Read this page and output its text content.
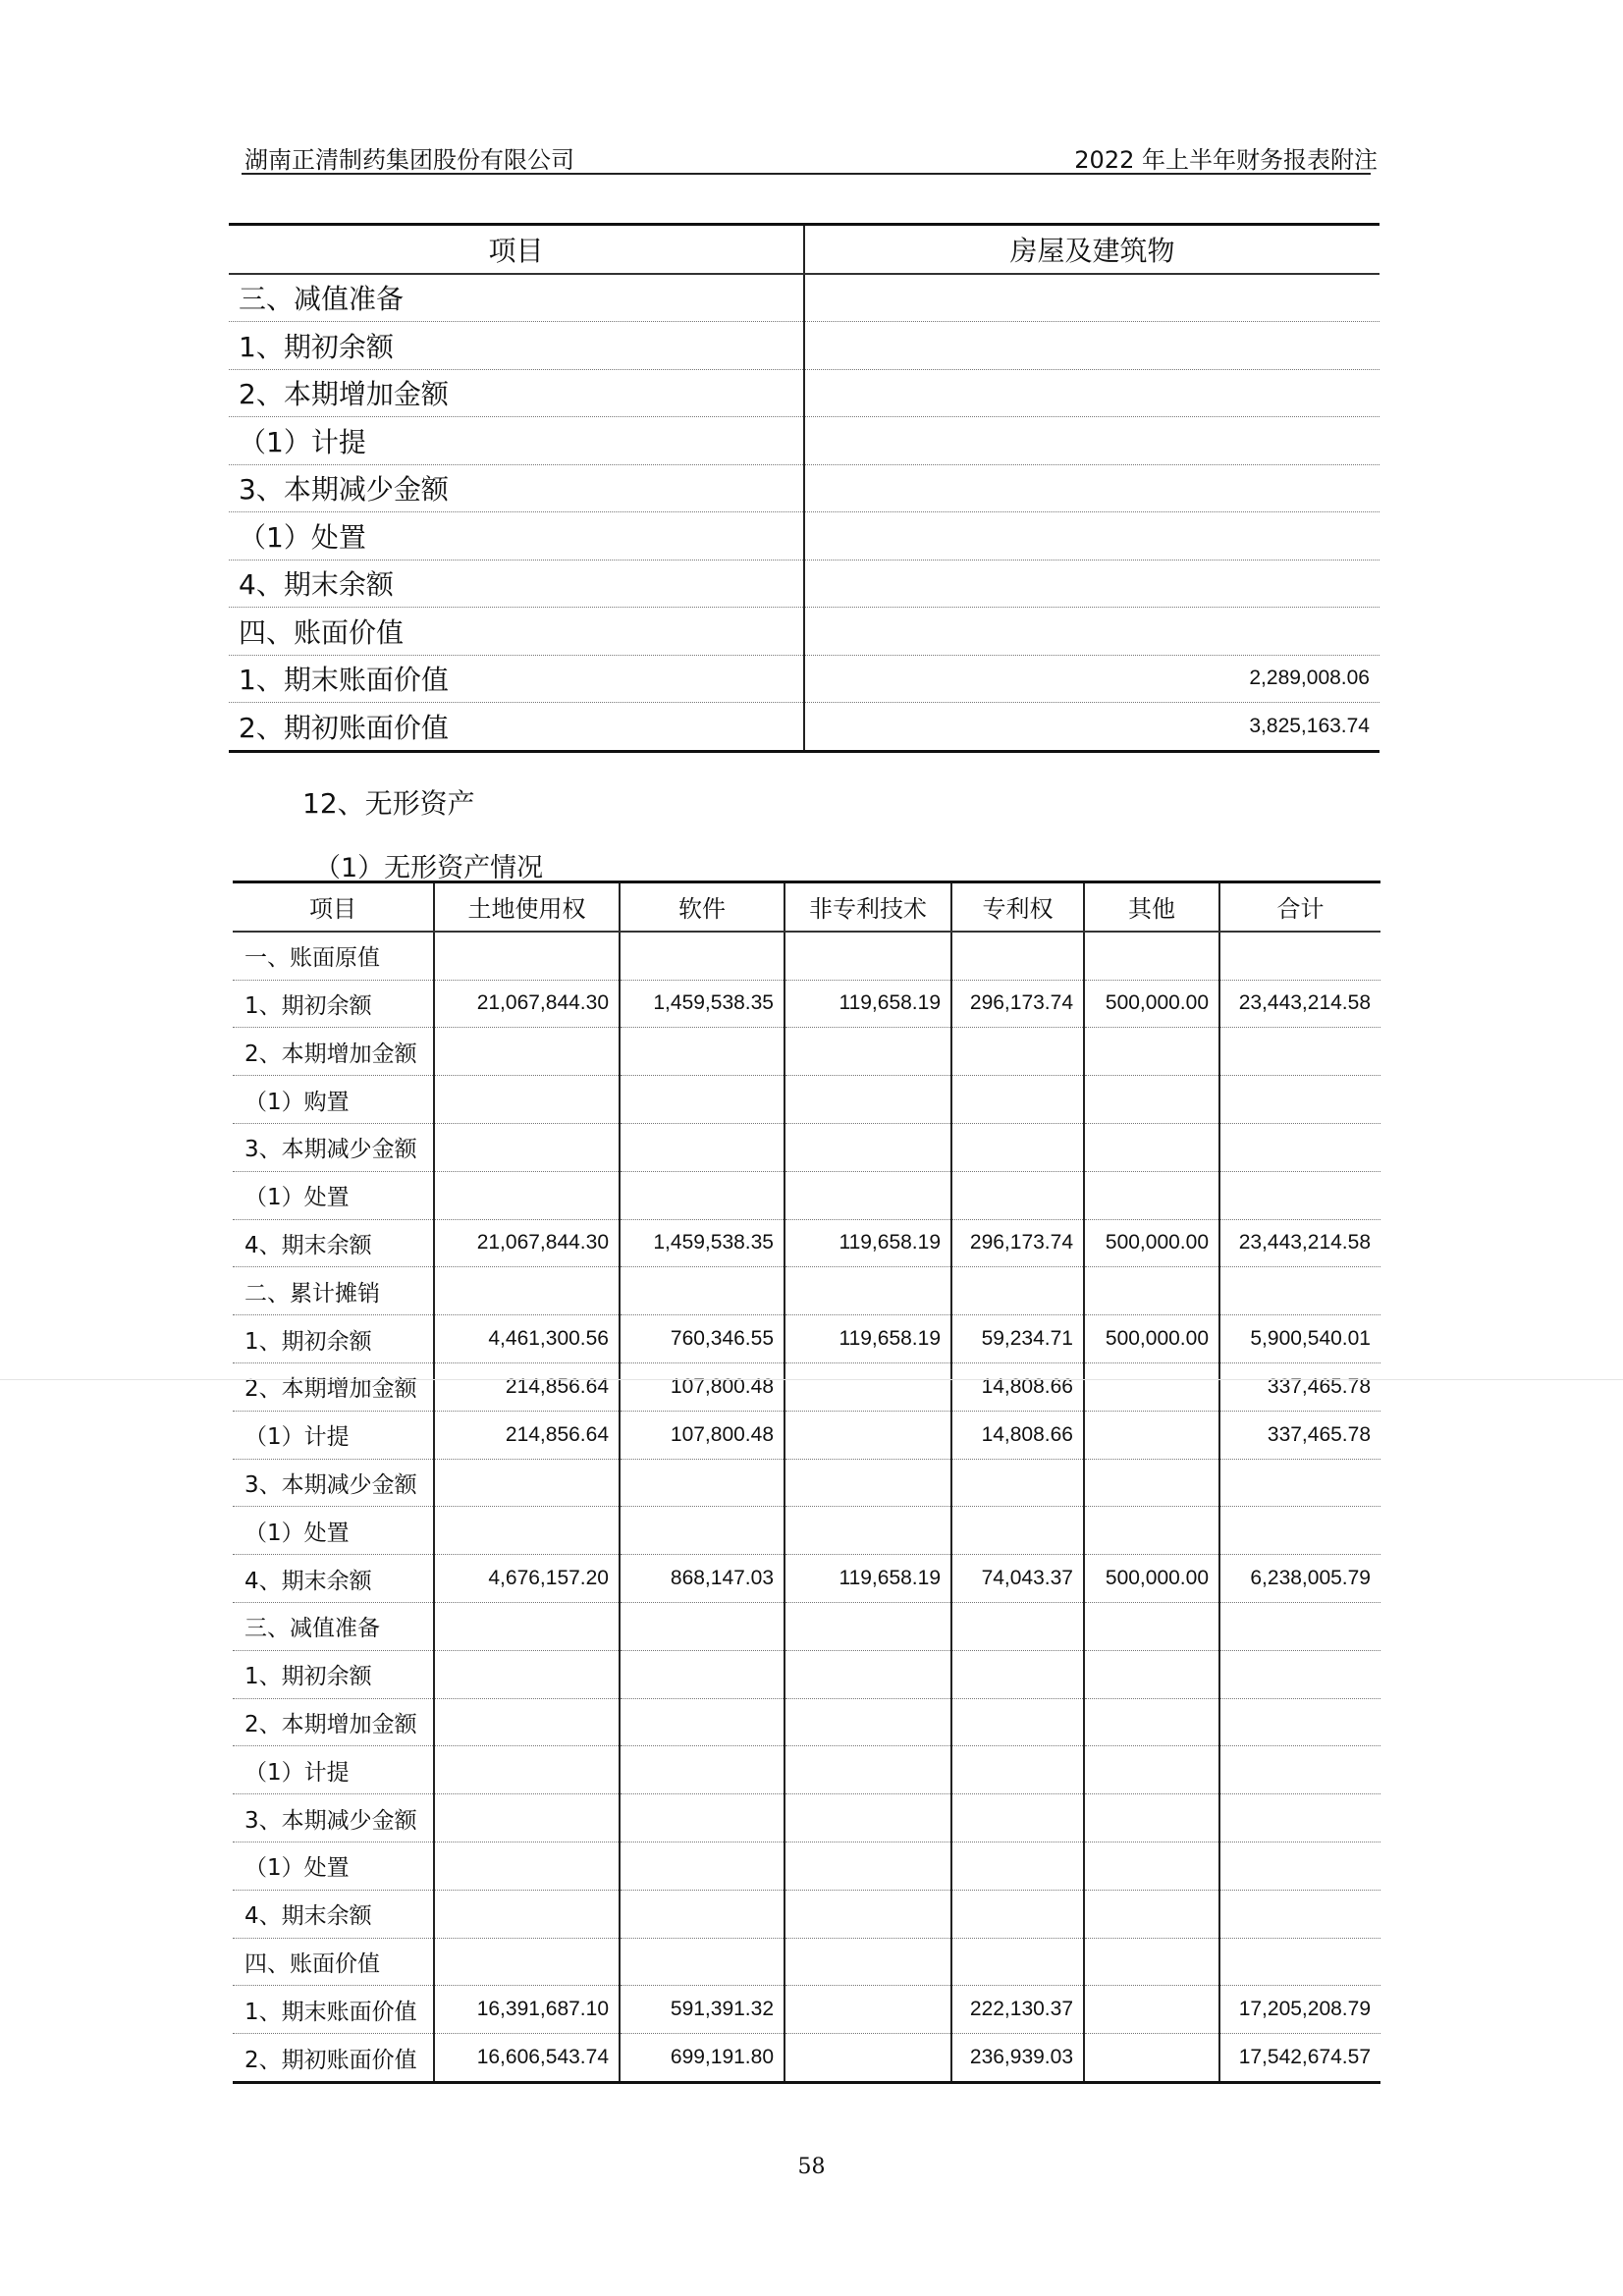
湖南正清制药集团股份有限公司	2022 年上半年财务报表附注
项目	房屋及建筑物
三、减值准备	
1、期初余额	
2、本期增加金额	
（1）计提	
3、本期减少金额	
（1）处置	
4、期末余额	
四、账面价值	
1、期末账面价值	2,289,008.06
2、期初账面价值	3,825,163.74
12、无形资产
（1）无形资产情况
项目	土地使用权	软件	非专利技术	专利权	其他	合计
一、账面原值						
1、期初余额	21,067,844.30	1,459,538.35	119,658.19	296,173.74	500,000.00	23,443,214.58
2、本期增加金额						
（1）购置						
3、本期减少金额						
（1）处置						
4、期末余额	21,067,844.30	1,459,538.35	119,658.19	296,173.74	500,000.00	23,443,214.58
二、累计摊销						
1、期初余额	4,461,300.56	760,346.55	119,658.19	59,234.71	500,000.00	5,900,540.01
2、本期增加金额	214,856.64	107,800.48		14,808.66		337,465.78
（1）计提	214,856.64	107,800.48		14,808.66		337,465.78
3、本期减少金额						
（1）处置						
4、期末余额	4,676,157.20	868,147.03	119,658.19	74,043.37	500,000.00	6,238,005.79
三、减值准备						
1、期初余额						
2、本期增加金额						
（1）计提						
3、本期减少金额						
（1）处置						
4、期末余额						
四、账面价值						
1、期末账面价值	16,391,687.10	591,391.32		222,130.37		17,205,208.79
2、期初账面价值	16,606,543.74	699,191.80		236,939.03		17,542,674.57
58
